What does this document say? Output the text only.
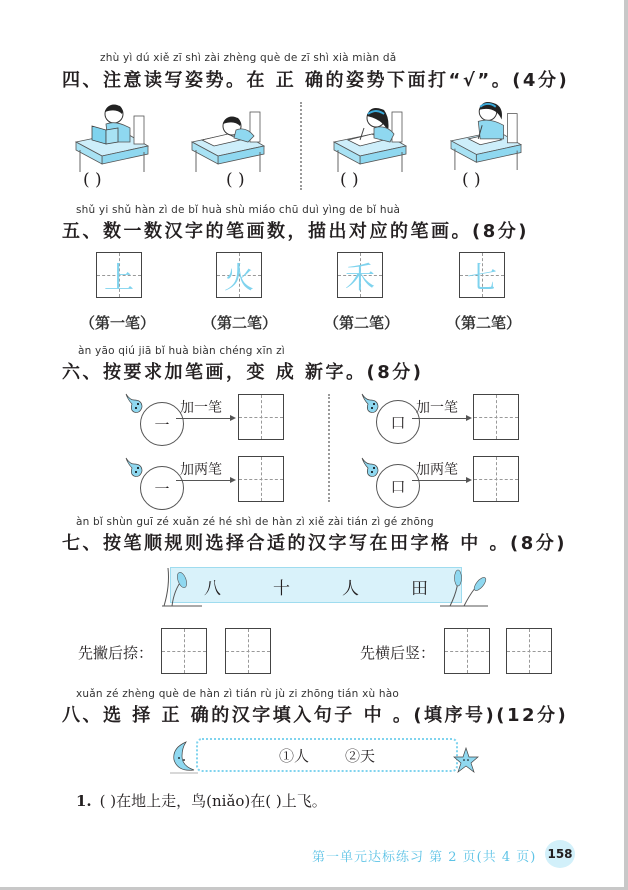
zhù yì dú xiě zī shì zài zhèng què de zī shì xià miàn dǎ
四、注意读写姿势。在 正 确的姿势下面打“√”。(4分)
( )	( )	( )	( )
shǔ yi shǔ hàn zì de bǐ huà shù miáo chū duì yìng de bǐ huà
五、数一数汉字的笔画数，描出对应的笔画。(8分)
上
（第一笔）
火
（第二笔）
禾
（第二笔）
七
（第二笔）
àn yāo qiú jiā bǐ huà biàn chéng xīn zì
六、按要求加笔画，变 成 新字。(8分)
一
加一笔
一
加两笔
口
加一笔
口
加两笔
àn bǐ shùn guī zé xuǎn zé hé shì de hàn zì xiě zài tián zì gé zhōng
七、按笔顺规则选择合适的汉字写在田字格 中 。(8分)
八	十	人	田
先撇后捺：	先横后竖：
xuǎn zé zhèng què de hàn zì tián rù jù zi zhōng tián xù hào
八、选 择 正 确的汉字填入句子 中 。(填序号)(12分)
①人 ②天
1. ( )在地上走，鸟(niǎo)在( )上飞。
第一单元达标练习 第 2 页(共 4 页) 158
